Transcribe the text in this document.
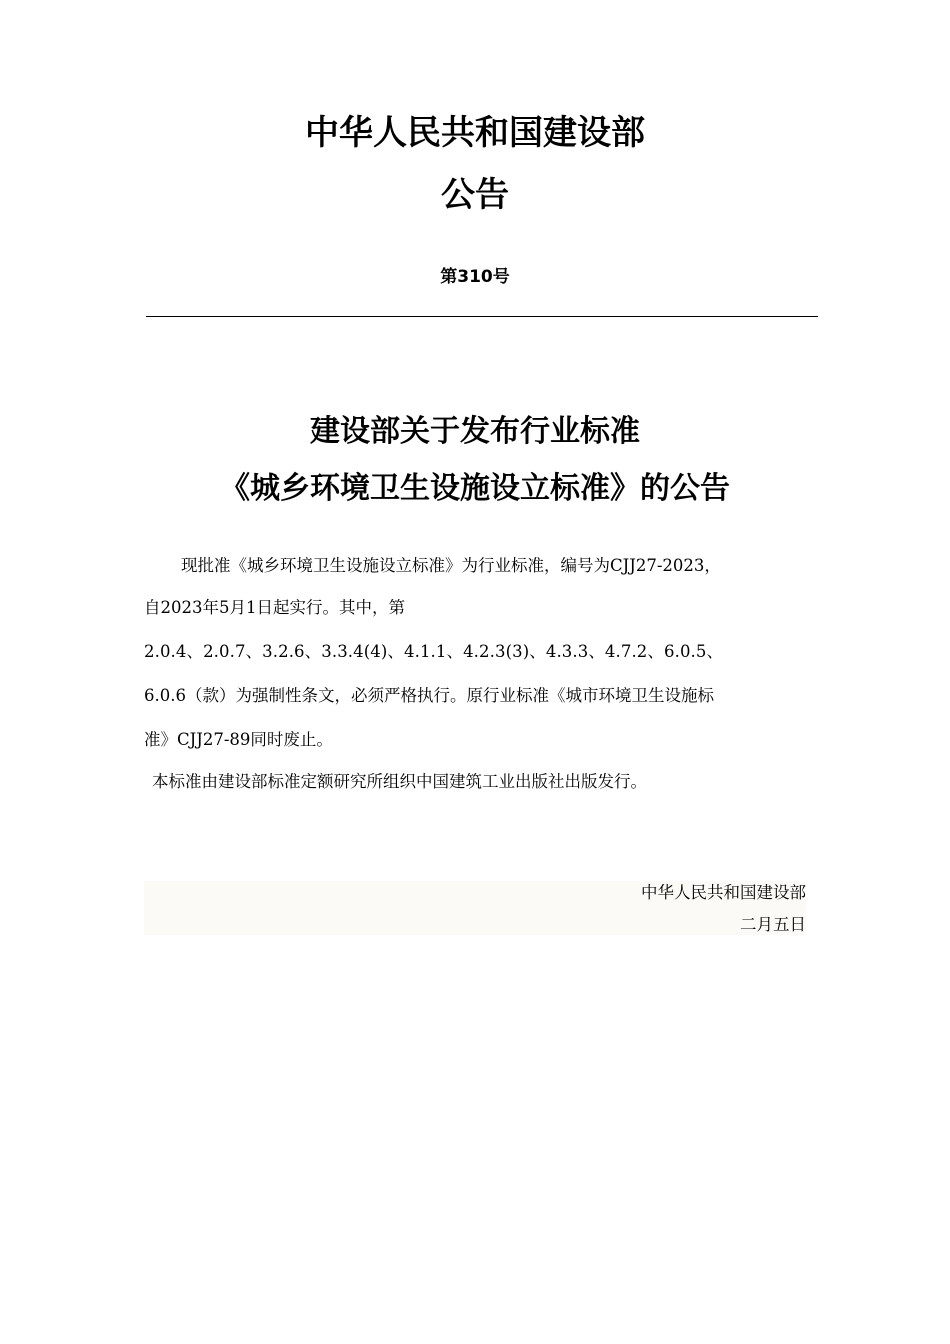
中华人民共和国建设部
公告
第310号
建设部关于发布行业标准
《城乡环境卫生设施设立标准》的公告

现批准《城乡环境卫生设施设立标准》为行业标准，编号为CJJ27-2023，

自2023年5月1日起实行。其中，第

2.0.4、2.0.7、3.2.6、3.3.4(4)、4.1.1、4.2.3(3)、4.3.3、4.7.2、6.0.5、

6.0.6（款）为强制性条文，必须严格执行。原行业标准《城市环境卫生设施标

准》CJJ27-89同时废止。

本标准由建设部标准定额研究所组织中国建筑工业出版社出版发行。

中华人民共和国建设部

二月五日
